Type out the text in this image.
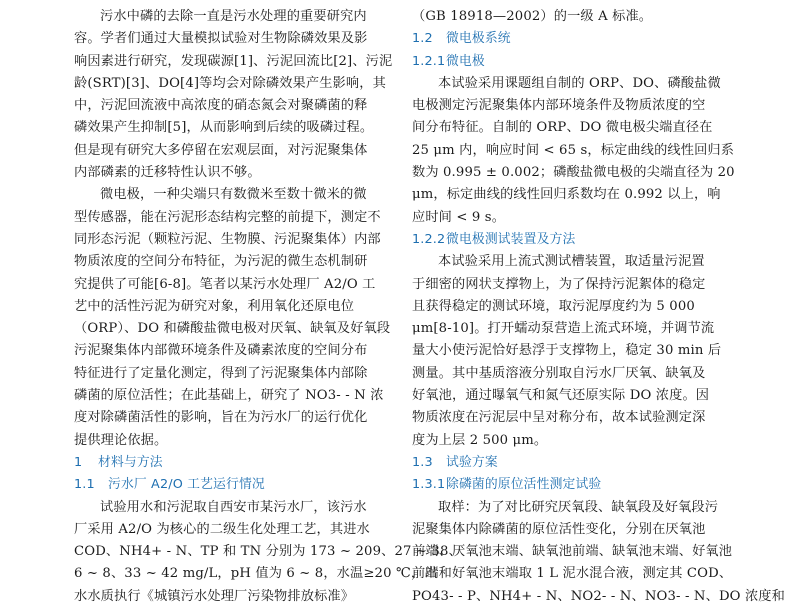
污水中磷的去除一直是污水处理的重要研究内
容。学者们通过大量模拟试验对生物除磷效果及影
响因素进行研究，发现碳源[1]、污泥回流比[2]、污泥
龄(SRT)[3]、DO[4]等均会对除磷效果产生影响，其
中，污泥回流液中高浓度的硝态氮会对聚磷菌的释
磷效果产生抑制[5]，从而影响到后续的吸磷过程。
但是现有研究大多停留在宏观层面，对污泥聚集体
内部磷素的迁移特性认识不够。
微电极，一种尖端只有数微米至数十微米的微
型传感器，能在污泥形态结构完整的前提下，测定不
同形态污泥（颗粒污泥、生物膜、污泥聚集体）内部
物质浓度的空间分布特征，为污泥的微生态机制研
究提供了可能[6-8]。笔者以某污水处理厂 A2/O 工
艺中的活性污泥为研究对象，利用氧化还原电位
（ORP）、DO 和磷酸盐微电极对厌氧、缺氧及好氧段
污泥聚集体内部微环境条件及磷素浓度的空间分布
特征进行了定量化测定，得到了污泥聚集体内部除
磷菌的原位活性；在此基础上，研究了 NO3- - N 浓
度对除磷菌活性的影响，旨在为污水厂的运行优化
提供理论依据。
1 材料与方法
1.1 污水厂 A2/O 工艺运行情况
试验用水和污泥取自西安市某污水厂，该污水
厂采用 A2/O 为核心的二级生化处理工艺，其进水
COD、NH4+ - N、TP 和 TN 分别为 173 ~ 209、27 ~ 38、
6 ~ 8、33 ~ 42 mg/L，pH 值为 6 ~ 8，水温≥20 ℃，出
水水质执行《城镇污水处理厂污染物排放标准》
（GB 18918—2002）的一级 A 标准。
1.2 微电极系统
1.2.1微电极
本试验采用课题组自制的 ORP、DO、磷酸盐微
电极测定污泥聚集体内部环境条件及物质浓度的空
间分布特征。自制的 ORP、DO 微电极尖端直径在
25 μm 内，响应时间 < 65 s，标定曲线的线性回归系
数为 0.995 ± 0.002；磷酸盐微电极的尖端直径为 20
μm，标定曲线的线性回归系数均在 0.992 以上，响
应时间 < 9 s。
1.2.2微电极测试装置及方法
本试验采用上流式测试槽装置，取适量污泥置
于细密的网状支撑物上，为了保持污泥絮体的稳定
且获得稳定的测试环境，取污泥厚度约为 5 000
μm[8-10]。打开蠕动泵营造上流式环境，并调节流
量大小使污泥恰好悬浮于支撑物上，稳定 30 min 后
测量。其中基质溶液分别取自污水厂厌氧、缺氧及
好氧池，通过曝氧气和氮气还原实际 DO 浓度。因
物质浓度在污泥层中呈对称分布，故本试验测定深
度为上层 2 500 μm。
1.3 试验方案
1.3.1除磷菌的原位活性测定试验
取样：为了对比研究厌氧段、缺氧段及好氧段污
泥聚集体内除磷菌的原位活性变化，分别在厌氧池
前端、厌氧池末端、缺氧池前端、缺氧池末端、好氧池
前端和好氧池末端取 1 L 泥水混合液，测定其 COD、
PO43- - P、NH4+ - N、NO2- - N、NO3- - N、DO 浓度和
